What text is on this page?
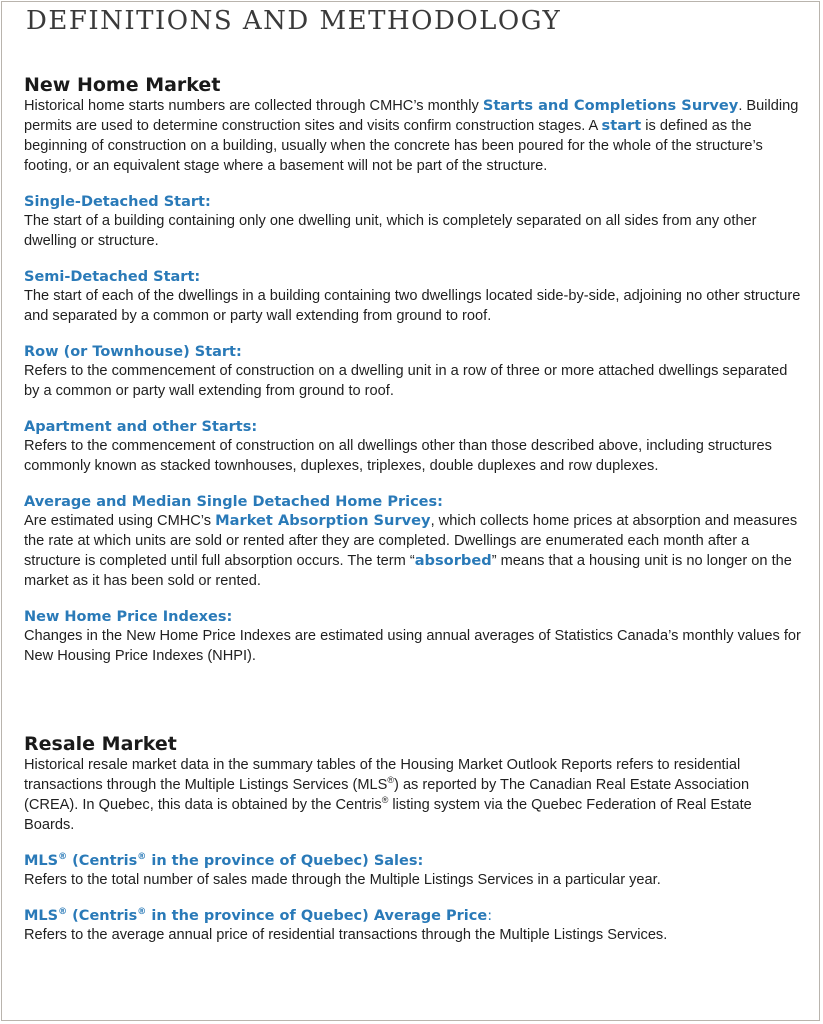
DEFINITIONS AND METHODOLOGY
New Home Market

Historical home starts numbers are collected through CMHC’s monthly Starts and Completions Survey. Building permits are used to determine construction sites and visits confirm construction stages. A start is defined as the beginning of construction on a building, usually when the concrete has been poured for the whole of the structure’s footing, or an equivalent stage where a basement will not be part of the structure.

Single-Detached Start:

The start of a building containing only one dwelling unit, which is completely separated on all sides from any other dwelling or structure.

Semi-Detached Start:

The start of each of the dwellings in a building containing two dwellings located side-by-side, adjoining no other structure and separated by a common or party wall extending from ground to roof.

Row (or Townhouse) Start:

Refers to the commencement of construction on a dwelling unit in a row of three or more attached dwellings separated by a common or party wall extending from ground to roof.

Apartment and other Starts:

Refers to the commencement of construction on all dwellings other than those described above, including structures commonly known as stacked townhouses, duplexes, triplexes, double duplexes and row duplexes.

Average and Median Single Detached Home Prices:

Are estimated using CMHC’s Market Absorption Survey, which collects home prices at absorption and measures the rate at which units are sold or rented after they are completed. Dwellings are enumerated each month after a structure is completed until full absorption occurs. The term “absorbed” means that a housing unit is no longer on the market as it has been sold or rented.

New Home Price Indexes:

Changes in the New Home Price Indexes are estimated using annual averages of Statistics Canada’s monthly values for New Housing Price Indexes (NHPI).

Resale Market

Historical resale market data in the summary tables of the Housing Market Outlook Reports refers to residential transactions through the Multiple Listings Services (MLS®) as reported by The Canadian Real Estate Association (CREA). In Quebec, this data is obtained by the Centris® listing system via the Quebec Federation of Real Estate Boards.

MLS® (Centris® in the province of Quebec) Sales:

Refers to the total number of sales made through the Multiple Listings Services in a particular year.

MLS® (Centris® in the province of Quebec) Average Price:

Refers to the average annual price of residential transactions through the Multiple Listings Services.
